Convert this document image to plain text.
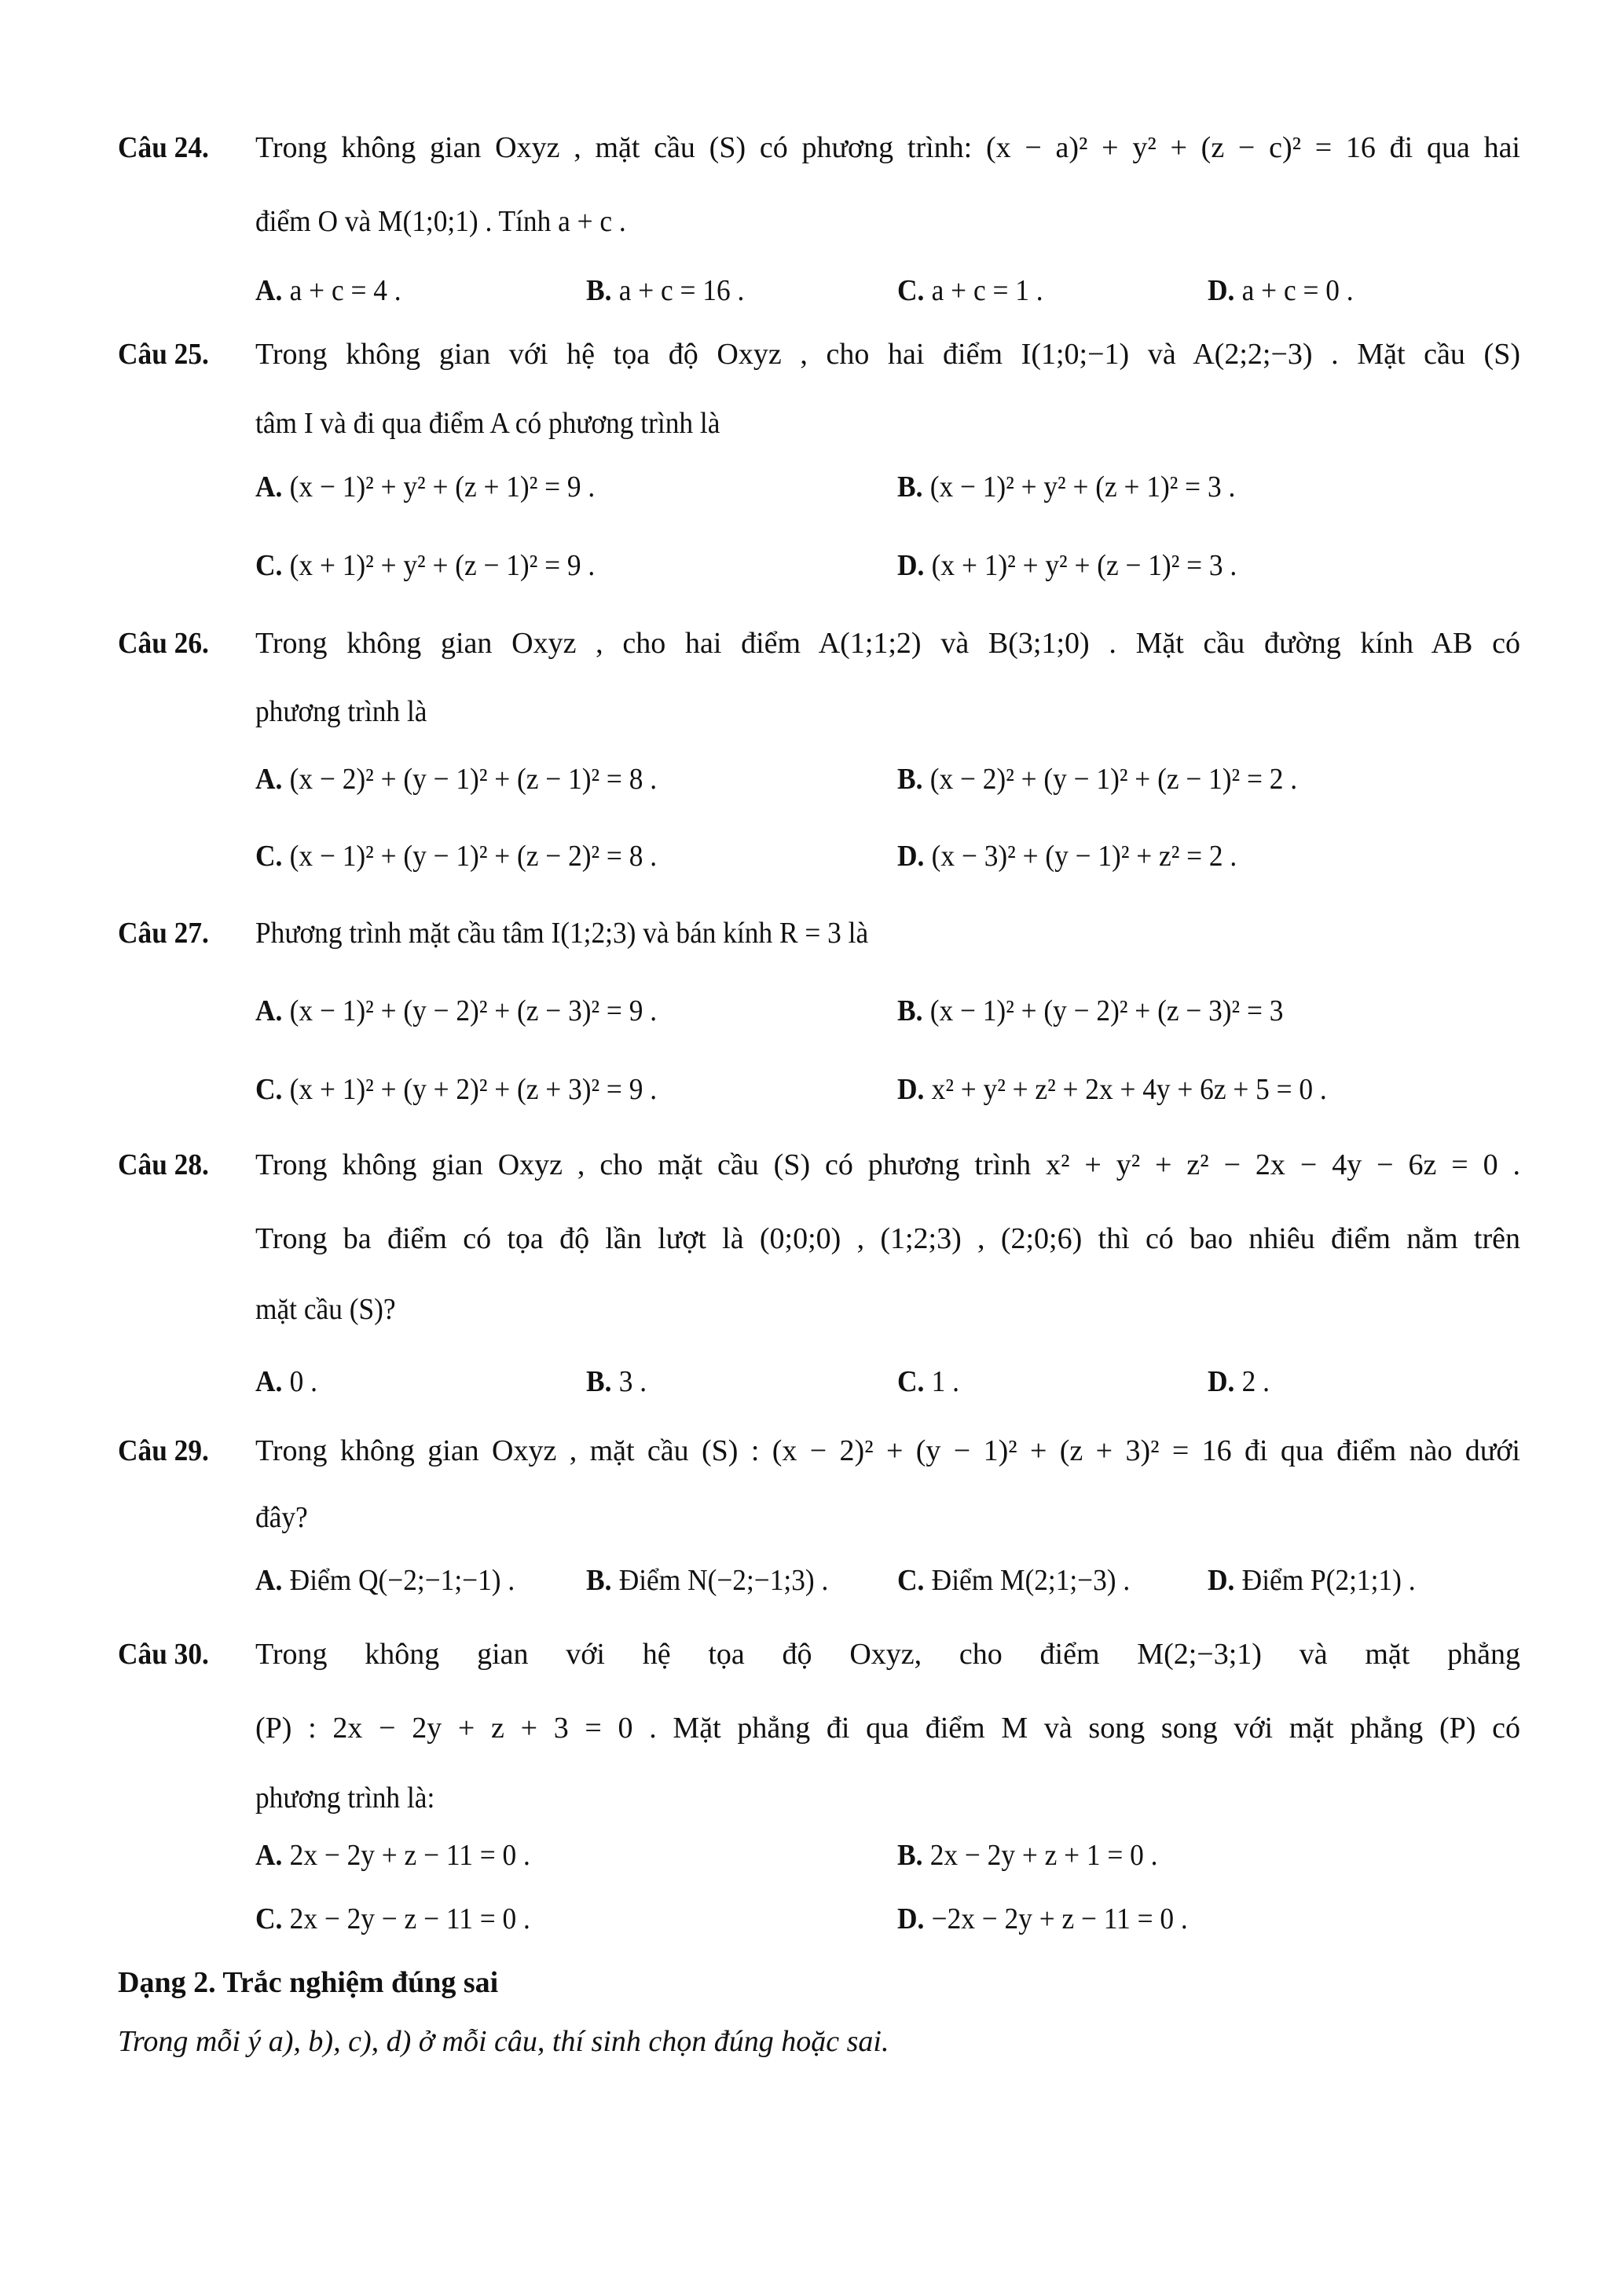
Câu 24. Trong không gian Oxyz , mặt cầu (S) có phương trình: (x − a)² + y² + (z − c)² = 16 đi qua hai
điểm O và M(1;0;1) . Tính a + c .
A. a + c = 4 .	B. a + c = 16 .	C. a + c = 1 .	D. a + c = 0 .
Câu 25. Trong không gian với hệ tọa độ Oxyz , cho hai điểm I(1;0;−1) và A(2;2;−3) . Mặt cầu (S)
tâm I và đi qua điểm A có phương trình là
A. (x − 1)² + y² + (z + 1)² = 9 .	B. (x − 1)² + y² + (z + 1)² = 3 .
C. (x + 1)² + y² + (z − 1)² = 9 .	D. (x + 1)² + y² + (z − 1)² = 3 .
Câu 26. Trong không gian Oxyz , cho hai điểm A(1;1;2) và B(3;1;0) . Mặt cầu đường kính AB có
phương trình là
A. (x − 2)² + (y − 1)² + (z − 1)² = 8 .	B. (x − 2)² + (y − 1)² + (z − 1)² = 2 .
C. (x − 1)² + (y − 1)² + (z − 2)² = 8 .	D. (x − 3)² + (y − 1)² + z² = 2 .
Câu 27. Phương trình mặt cầu tâm I(1;2;3) và bán kính R = 3 là
A. (x − 1)² + (y − 2)² + (z − 3)² = 9 .	B. (x − 1)² + (y − 2)² + (z − 3)² = 3
C. (x + 1)² + (y + 2)² + (z + 3)² = 9 .	D. x² + y² + z² + 2x + 4y + 6z + 5 = 0 .
Câu 28. Trong không gian Oxyz , cho mặt cầu (S) có phương trình x² + y² + z² − 2x − 4y − 6z = 0 .
Trong ba điểm có tọa độ lần lượt là (0;0;0) , (1;2;3) , (2;0;6) thì có bao nhiêu điểm nằm trên
mặt cầu (S)?
A. 0 .	B. 3 .	C. 1 .	D. 2 .
Câu 29. Trong không gian Oxyz , mặt cầu (S) : (x − 2)² + (y − 1)² + (z + 3)² = 16 đi qua điểm nào dưới
đây?
A. Điểm Q(−2;−1;−1) . B. Điểm N(−2;−1;3) . C. Điểm M(2;1;−3) .	D. Điểm P(2;1;1) .
Câu 30. Trong không gian với hệ tọa độ Oxyz, cho điểm M(2;−3;1) và mặt phẳng
(P) : 2x − 2y + z + 3 = 0 . Mặt phẳng đi qua điểm M và song song với mặt phẳng (P) có
phương trình là:
A. 2x − 2y + z − 11 = 0 .	B. 2x − 2y + z + 1 = 0 .
C. 2x − 2y − z − 11 = 0 .	D. −2x − 2y + z − 11 = 0 .
Dạng 2. Trắc nghiệm đúng sai
Trong mỗi ý a), b), c), d) ở mỗi câu, thí sinh chọn đúng hoặc sai.
